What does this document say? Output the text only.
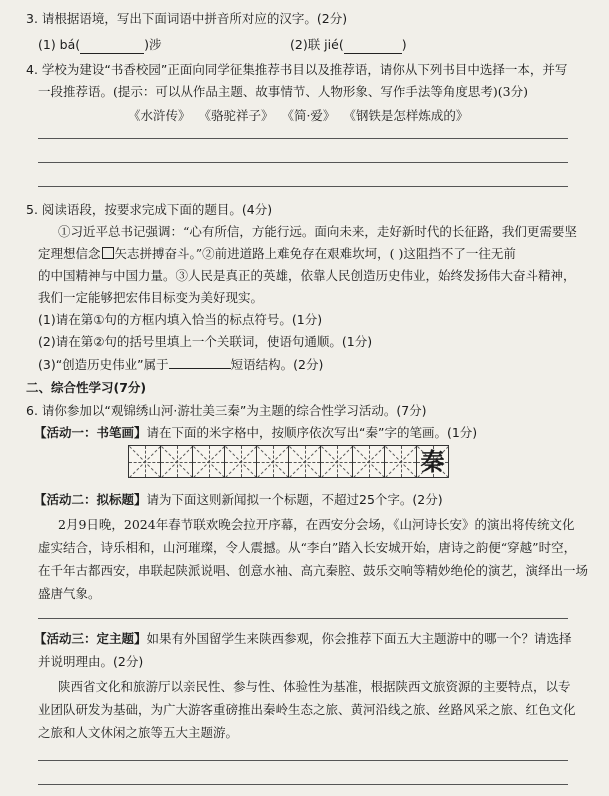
3. 请根据语境，写出下面词语中拼音所对应的汉字。(2分)
(1) bá(	)涉	(2)联 jié(	)
4. 学校为建设“书香校园”正面向同学征集推荐书目以及推荐语，请你从下列书目中选择一本，并写
一段推荐语。(提示：可以从作品主题、故事情节、人物形象、写作手法等角度思考)(3分)
《水浒传》 《骆驼祥子》 《简·爱》 《钢铁是怎样炼成的》
5. 阅读语段，按要求完成下面的题目。(4分)
①习近平总书记强调：“心有所信，方能行远。面向未来，走好新时代的长征路，我们更需要坚
定理想信念 矢志拼搏奋斗。”②前进道路上难免存在艰难坎坷，( )这阻挡不了一往无前
的中国精神与中国力量。③人民是真正的英雄，依靠人民创造历史伟业，始终发扬伟大奋斗精神，
我们一定能够把宏伟目标变为美好现实。
(1)请在第①句的方框内填入恰当的标点符号。(1分)
(2)请在第②句的括号里填上一个关联词，使语句通顺。(1分)
(3)“创造历史伟业”属于	短语结构。(2分)
二、综合性学习(7分)
6. 请你参加以“观锦绣山河·游壮美三秦”为主题的综合性学习活动。(7分)
【活动一：书笔画】请在下面的米字格中，按顺序依次写出“秦”字的笔画。(1分)
秦
【活动二：拟标题】请为下面这则新闻拟一个标题，不超过25个字。(2分)
2月9日晚，2024年春节联欢晚会拉开序幕，在西安分会场，《山河诗长安》的演出将传统文化
虚实结合，诗乐相和，山河璀璨，令人震撼。从“李白”踏入长安城开始，唐诗之韵便“穿越”时空，
在千年古都西安，串联起陕派说唱、创意水袖、高亢秦腔、鼓乐交响等精妙绝伦的演艺，演绎出一场
盛唐气象。
【活动三：定主题】如果有外国留学生来陕西参观，你会推荐下面五大主题游中的哪一个？请选择
并说明理由。(2分)
陕西省文化和旅游厅以亲民性、参与性、体验性为基准，根据陕西文旅资源的主要特点，以专
业团队研发为基础，为广大游客重磅推出秦岭生态之旅、黄河沿线之旅、丝路风采之旅、红色文化
之旅和人文休闲之旅等五大主题游。
